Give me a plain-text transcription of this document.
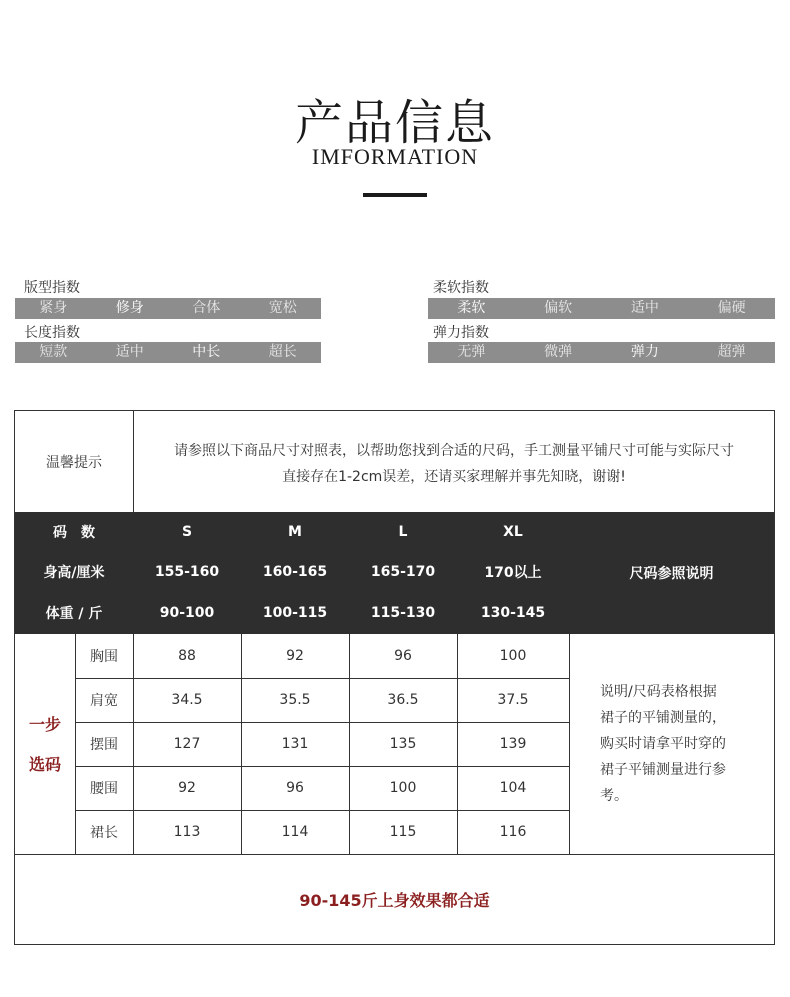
产品信息
IMFORMATION
版型指数
紧身	修身	合体	宽松
长度指数
短款	适中	中长	超长
柔软指数
柔软	偏软	适中	偏硬
弹力指数
无弹	微弹	弹力	超弹
温馨提示
请参照以下商品尺寸对照表，以帮助您找到合适的尺码，手工测量平铺尺寸可能与实际尺寸
直接存在1-2cm误差，还请买家理解并事先知晓，谢谢!
码　数	S	M	L	XL
身高/厘米	155-160	160-165	165-170	170以上
体重 / 斤	90-100	100-115	115-130	130-145
尺码参照说明
一步
选码
胸围	88	92	96	100
肩宽	34.5	35.5	36.5	37.5
摆围	127	131	135	139
腰围	92	96	100	104
裙长	113	114	115	116
说明/尺码表格根据
裙子的平铺测量的，
购买时请拿平时穿的
裙子平铺测量进行参
考。
90-145斤上身效果都合适
